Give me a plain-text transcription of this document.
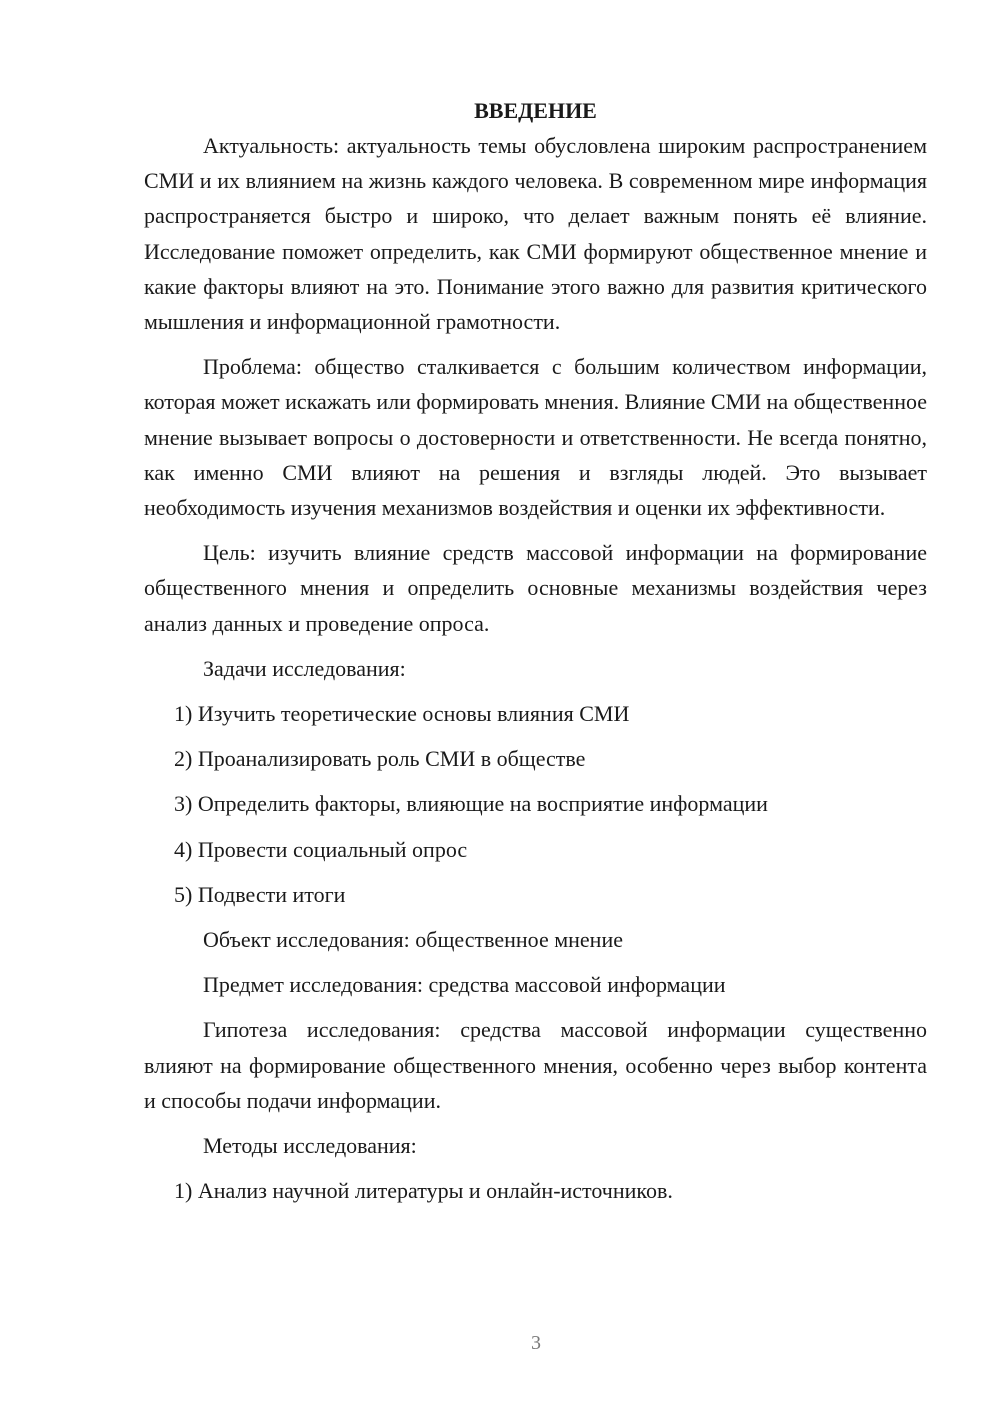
ВВЕДЕНИЕ

Актуальность: актуальность темы обусловлена широким распространением СМИ и их влиянием на жизнь каждого человека. В современном мире информация распространяется быстро и широко, что делает важным понять её влияние. Исследование поможет определить, как СМИ формируют общественное мнение и какие факторы влияют на это. Понимание этого важно для развития критического мышления и информационной грамотности.

Проблема: общество сталкивается с большим количеством информации, которая может искажать или формировать мнения. Влияние СМИ на общественное мнение вызывает вопросы о достоверности и ответственности. Не всегда понятно, как именно СМИ влияют на решения и взгляды людей. Это вызывает необходимость изучения механизмов воздействия и оценки их эффективности.

Цель: изучить влияние средств массовой информации на формирование общественного мнения и определить основные механизмы воздействия через анализ данных и проведение опроса.

Задачи исследования:
1) Изучить теоретические основы влияния СМИ
2) Проанализировать роль СМИ в обществе
3) Определить факторы, влияющие на восприятие информации
4) Провести социальный опрос
5) Подвести итоги
Объект исследования: общественное мнение
Предмет исследования: средства массовой информации

Гипотеза исследования: средства массовой информации существенно влияют на формирование общественного мнения, особенно через выбор контента и способы подачи информации.

Методы исследования:
1) Анализ научной литературы и онлайн-источников.
3
